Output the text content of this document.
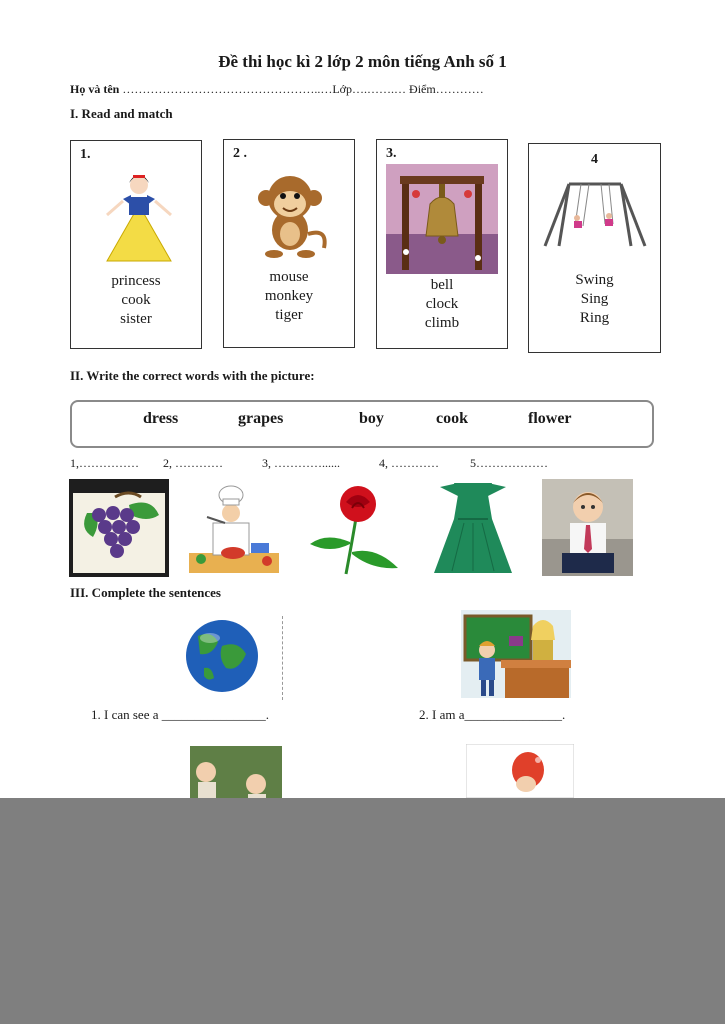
Đề thi học kì 2 lớp 2 môn tiếng Anh số 1
Họ và tên …………………………………………..…Lớp….…….… Điểm…………
I. Read and match
1.
princess
cook
sister
2 .
mouse
monkey
tiger
3.
bell
clock
climb
4
Swing
Sing
Ring
II. Write the correct words with the picture:
dress	grapes	boy	cook	flower
1,…………… 2, …………	3, …………......	4, …………	5………………
III. Complete the sentences
1. I can see a ________________.	2. I am a_______________.
